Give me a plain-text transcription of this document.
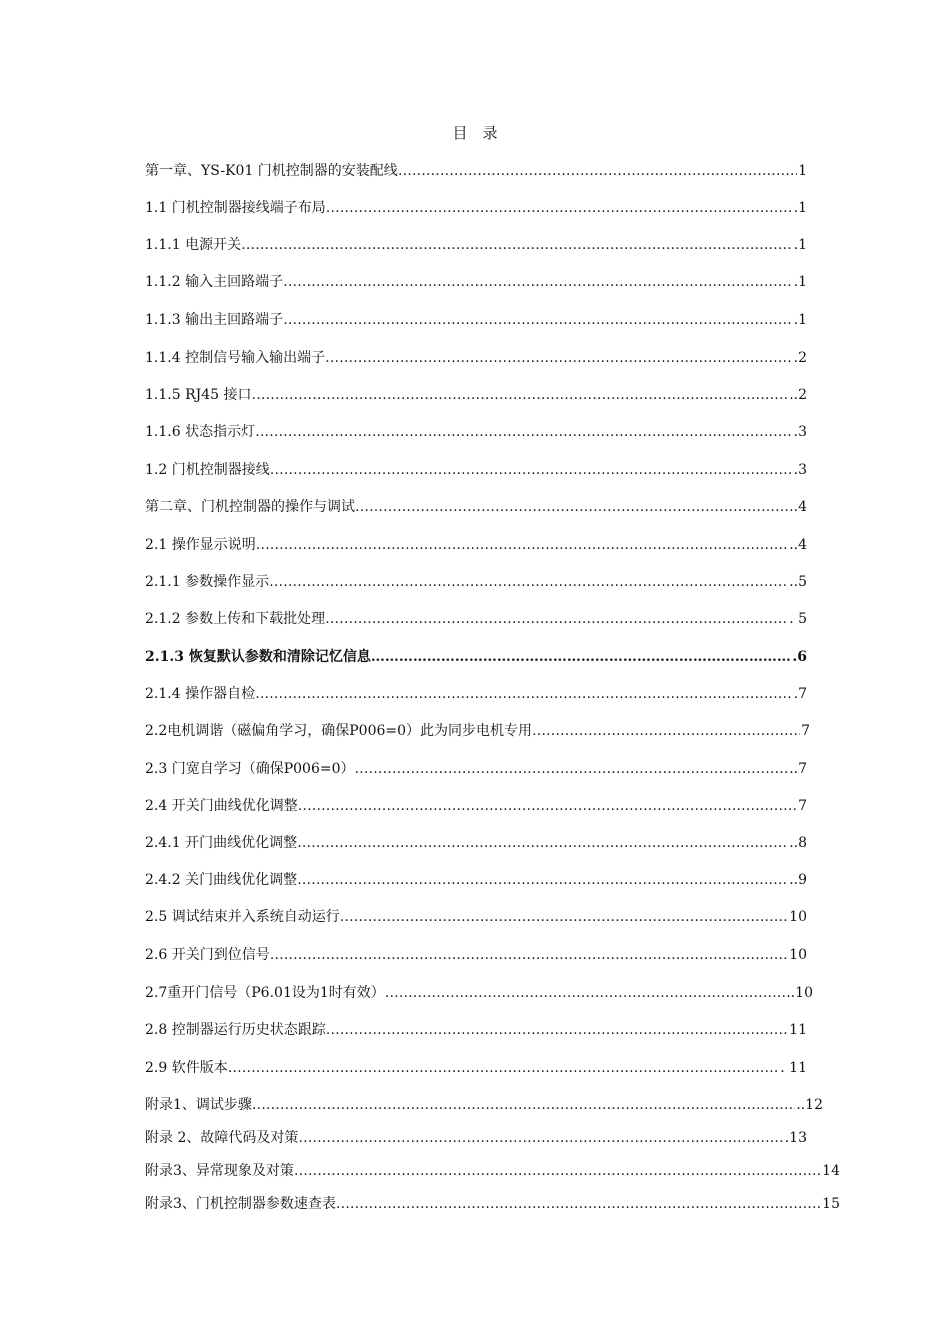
目　录
第一章、YS-K01 门机控制器的安装配线 ………………………………………………………………………………………………………………………………………………………………………………………………………………	1
1.1 门机控制器接线端子布局 ………………………………………………………………………………………………………………………………………………………………………………………………………………	.1
1.1.1 电源开关 ………………………………………………………………………………………………………………………………………………………………………………………………………………	.1
1.1.2 输入主回路端子 ………………………………………………………………………………………………………………………………………………………………………………………………………………	.1
1.1.3 输出主回路端子 ………………………………………………………………………………………………………………………………………………………………………………………………………………	.1
1.1.4 控制信号输入输出端子 ………………………………………………………………………………………………………………………………………………………………………………………………………………	.2
1.1.5 RJ45 接口 ………………………………………………………………………………………………………………………………………………………………………………………………………………	..2
1.1.6 状态指示灯 ………………………………………………………………………………………………………………………………………………………………………………………………………………	.3
1.2 门机控制器接线 ………………………………………………………………………………………………………………………………………………………………………………………………………………	.3
第二章、门机控制器的操作与调试 ………………………………………………………………………………………………………………………………………………………………………………………………………………	.4
2.1 操作显示说明 ………………………………………………………………………………………………………………………………………………………………………………………………………………	..4
2.1.1 参数操作显示 ………………………………………………………………………………………………………………………………………………………………………………………………………………	..5
2.1.2 参数上传和下载批处理 ………………………………………………………………………………………………………………………………………………………………………………………………………………	. 5
2.1.3 恢复默认参数和清除记忆信息 ………………………………………………………………………………………………………………………………………………………………………………………………………………	.6
2.1.4 操作器自检 ………………………………………………………………………………………………………………………………………………………………………………………………………………	.7
2.2电机调谐（磁偏角学习，确保P006=0）此为同步电机专用 ………………………………………………………………………………………………………………………………………………………………………………………………………………	7
2.3 门宽自学习（确保P006=0） ………………………………………………………………………………………………………………………………………………………………………………………………………………	..7
2.4 开关门曲线优化调整 ………………………………………………………………………………………………………………………………………………………………………………………………………………	7
2.4.1 开门曲线优化调整 ………………………………………………………………………………………………………………………………………………………………………………………………………………	..8
2.4.2 关门曲线优化调整 ………………………………………………………………………………………………………………………………………………………………………………………………………………	..9
2.5 调试结束并入系统自动运行 ………………………………………………………………………………………………………………………………………………………………………………………………………………	10
2.6 开关门到位信号 ………………………………………………………………………………………………………………………………………………………………………………………………………………	10
2.7重开门信号（P6.01设为1时有效） ………………………………………………………………………………………………………………………………………………………………………………………………………………	..10
2.8 控制器运行历史状态跟踪 ………………………………………………………………………………………………………………………………………………………………………………………………………………	11
2.9 软件版本 ………………………………………………………………………………………………………………………………………………………………………………………………………………	. 11
附录1、调试步骤 ………………………………………………………………………………………………………………………………………………………………………………………………………………	..12
附录 2、故障代码及对策 ………………………………………………………………………………………………………………………………………………………………………………………………………………	.13
附录3、异常现象及对策 ………………………………………………………………………………………………………………………………………………………………………………………………………………	14
附录3、门机控制器参数速查表 ………………………………………………………………………………………………………………………………………………………………………………………………………………	15
